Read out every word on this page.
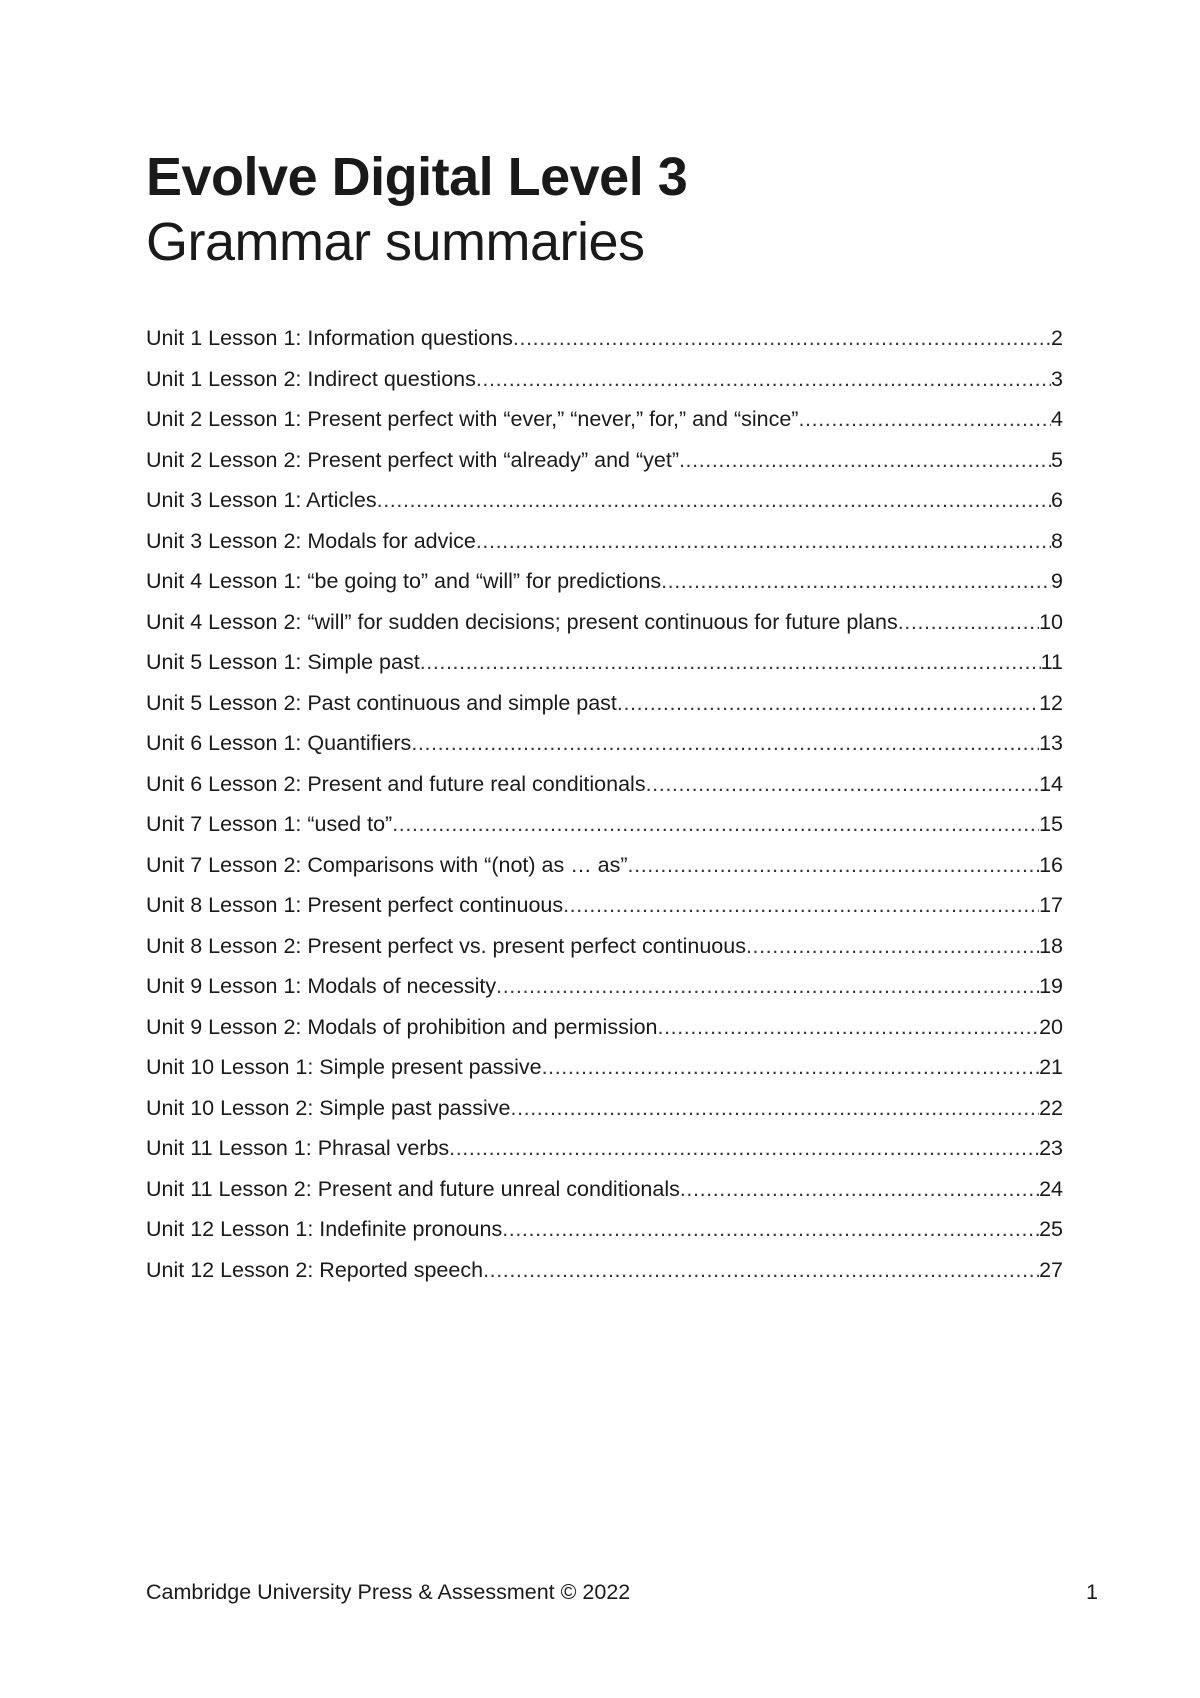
Evolve Digital Level 3
Grammar summaries
Unit 1 Lesson 1: Information questions .....	2
Unit 1 Lesson 2: Indirect questions .....	3
Unit 2 Lesson 1: Present perfect with “ever,” “never,” for,” and “since” .....	4
Unit 2 Lesson 2: Present perfect with “already” and “yet” .....	5
Unit 3 Lesson 1: Articles .....	6
Unit 3 Lesson 2: Modals for advice .....	8
Unit 4 Lesson 1: “be going to” and “will” for predictions .....	9
Unit 4 Lesson 2: “will” for sudden decisions; present continuous for future plans .....	10
Unit 5 Lesson 1: Simple past .....	11
Unit 5 Lesson 2: Past continuous and simple past .....	12
Unit 6 Lesson 1: Quantifiers .....	13
Unit 6 Lesson 2: Present and future real conditionals .....	14
Unit 7 Lesson 1: “used to” .....	15
Unit 7 Lesson 2: Comparisons with “(not) as … as” .....	16
Unit 8 Lesson 1: Present perfect continuous .....	17
Unit 8 Lesson 2: Present perfect vs. present perfect continuous .....	18
Unit 9 Lesson 1: Modals of necessity .....	19
Unit 9 Lesson 2: Modals of prohibition and permission .....	20
Unit 10 Lesson 1: Simple present passive .....	21
Unit 10 Lesson 2: Simple past passive .....	22
Unit 11 Lesson 1: Phrasal verbs .....	23
Unit 11 Lesson 2: Present and future unreal conditionals .....	24
Unit 12 Lesson 1: Indefinite pronouns .....	25
Unit 12 Lesson 2: Reported speech .....	27
Cambridge University Press & Assessment © 2022	1
